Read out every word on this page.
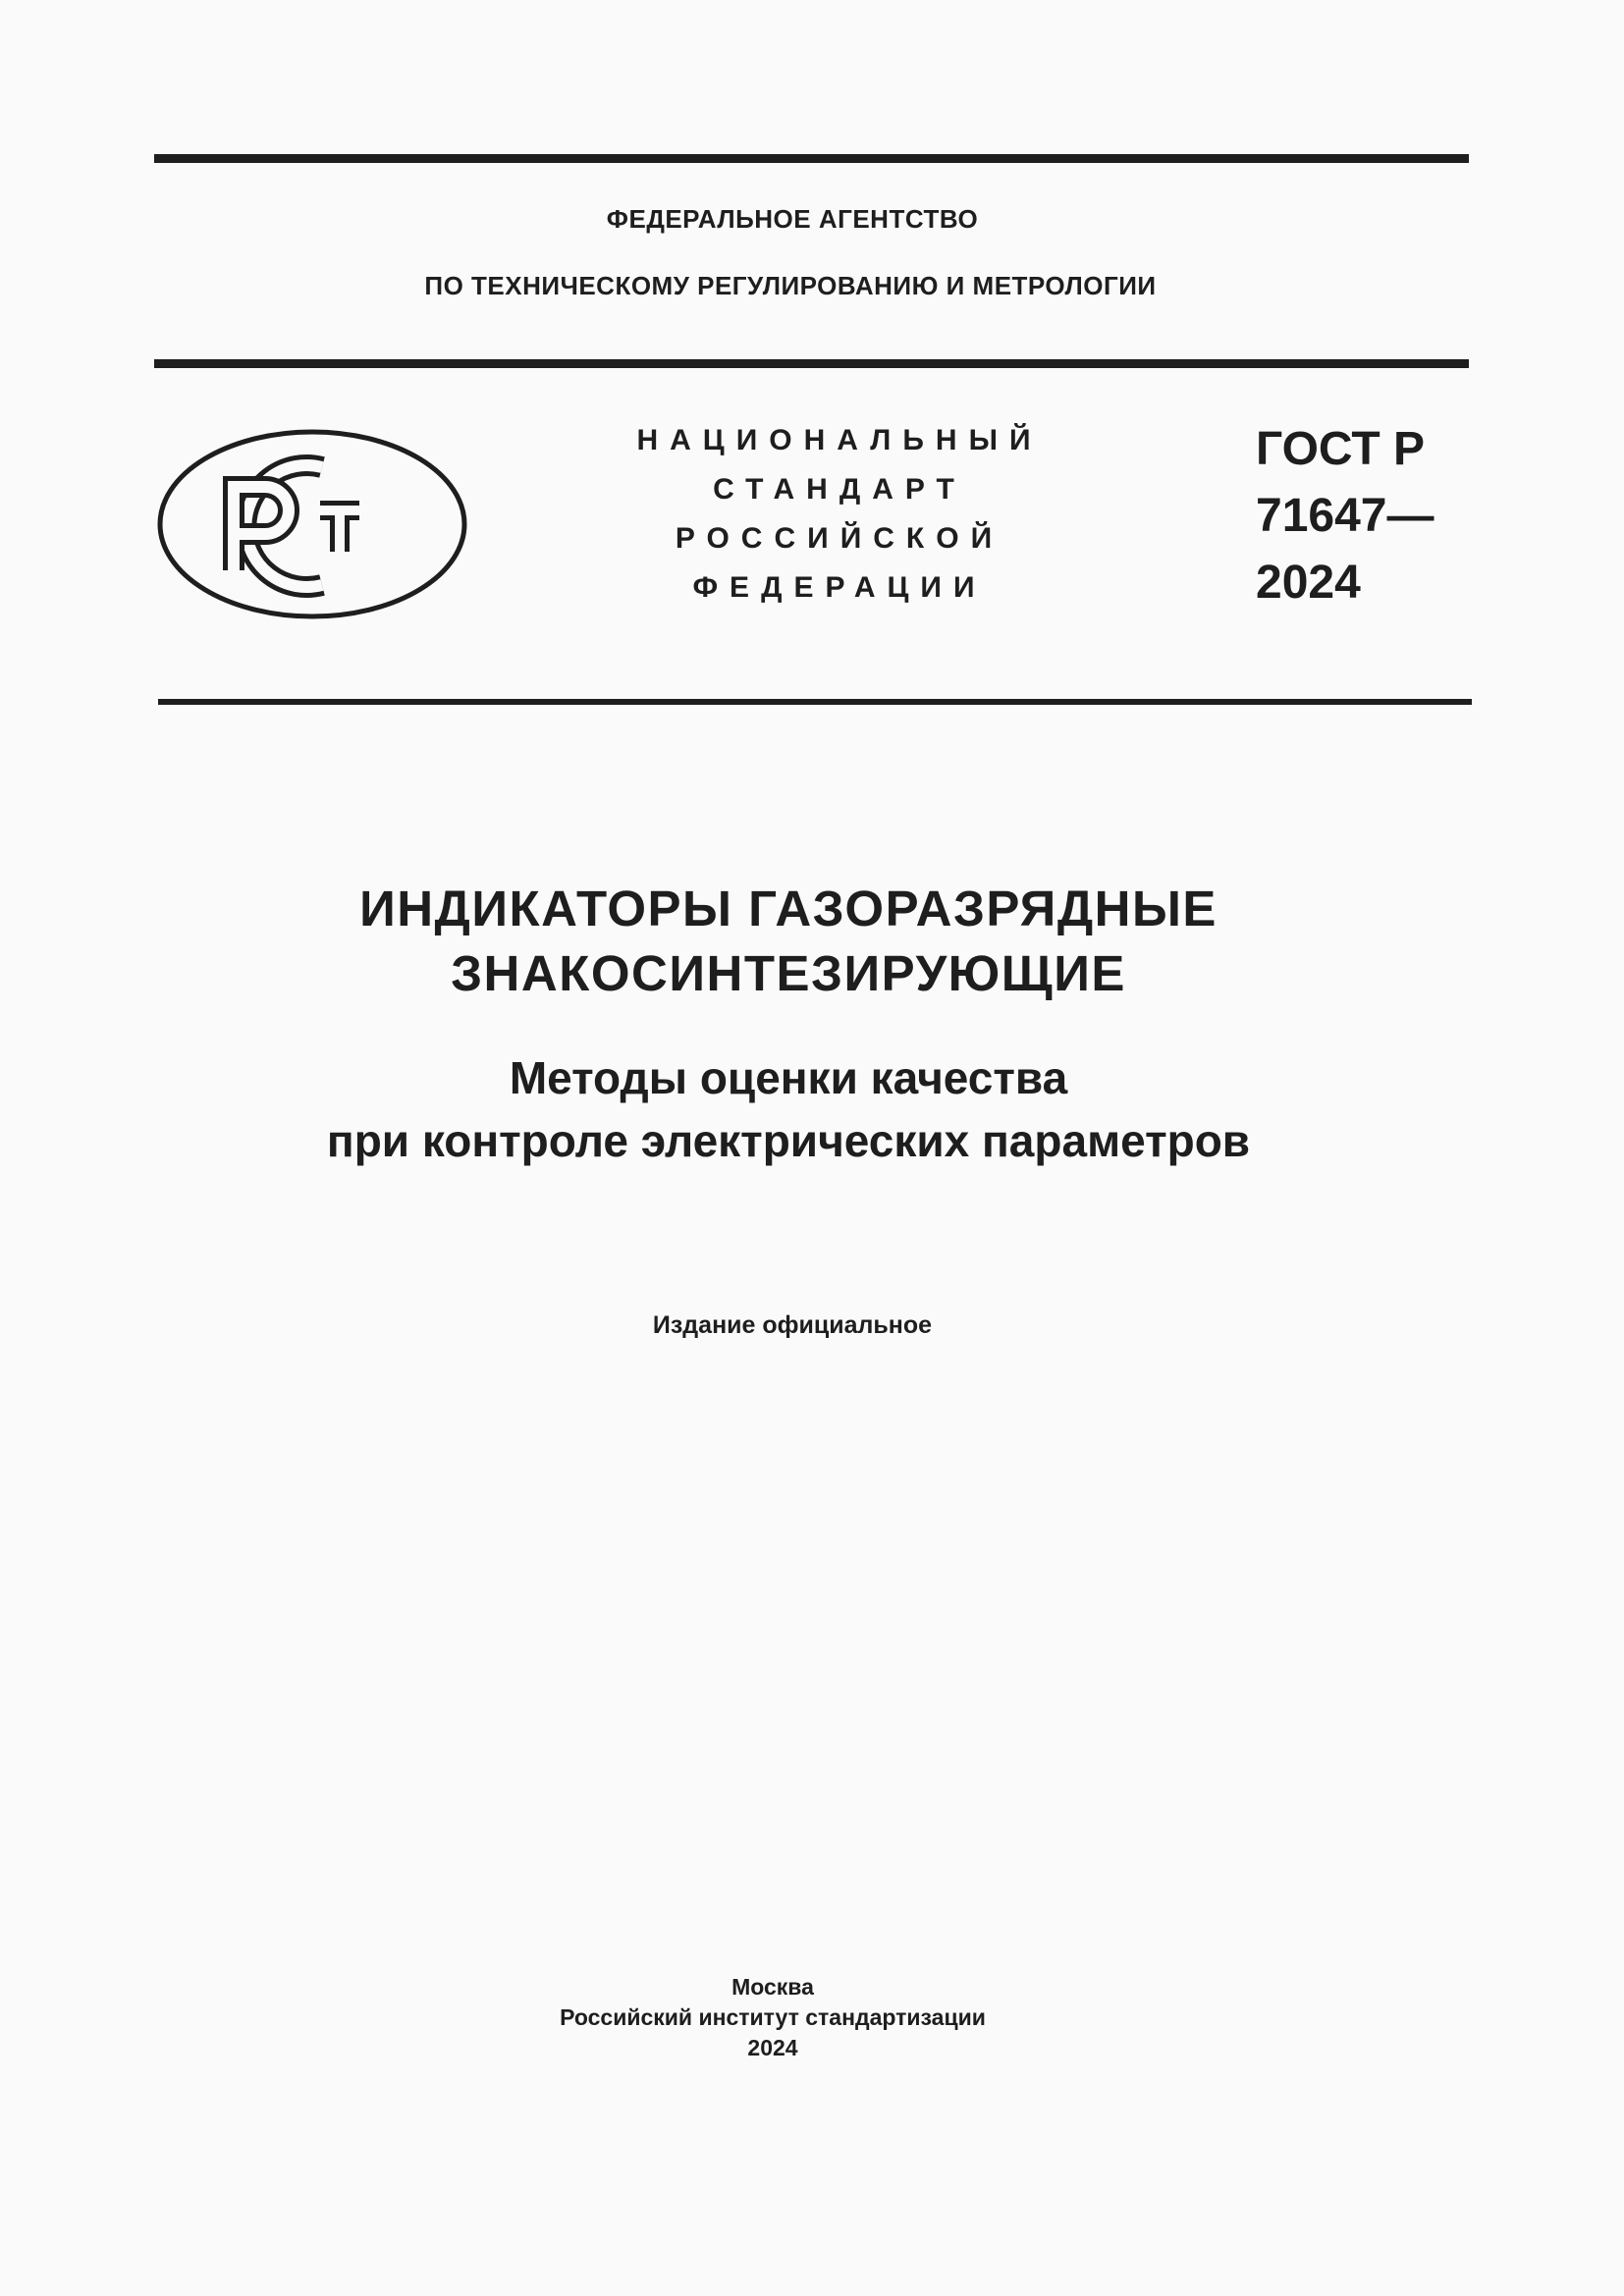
ФЕДЕРАЛЬНОЕ АГЕНТСТВО
ПО ТЕХНИЧЕСКОМУ РЕГУЛИРОВАНИЮ И МЕТРОЛОГИИ
НАЦИОНАЛЬНЫЙ
СТАНДАРТ
РОССИЙСКОЙ
ФЕДЕРАЦИИ
ГОСТ Р
71647—
2024
ИНДИКАТОРЫ ГАЗОРАЗРЯДНЫЕ
ЗНАКОСИНТЕЗИРУЮЩИЕ
Методы оценки качества
при контроле электрических параметров
Издание официальное
Москва
Российский институт стандартизации
2024
